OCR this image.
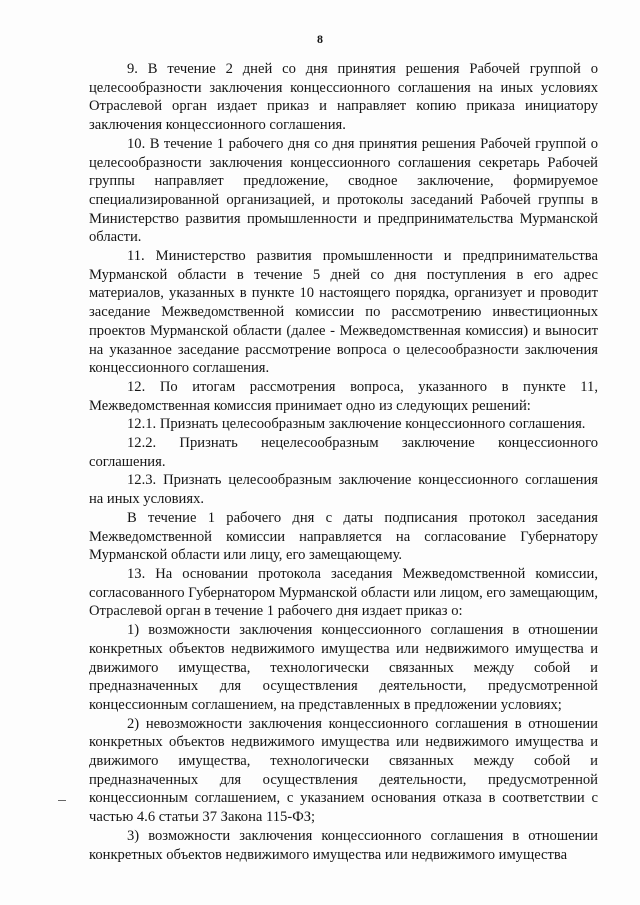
8

9. В течение 2 дней со дня принятия решения Рабочей группой о целесообразности заключения концессионного соглашения на иных условиях Отраслевой орган издает приказ и направляет копию приказа инициатору заключения концессионного соглашения.

10. В течение 1 рабочего дня со дня принятия решения Рабочей группой о целесообразности заключения концессионного соглашения секретарь Рабочей группы направляет предложение, сводное заключение, формируемое специализированной организацией, и протоколы заседаний Рабочей группы в Министерство развития промышленности и предпринимательства Мурманской области.

11. Министерство развития промышленности и предпринимательства Мурманской области в течение 5 дней со дня поступления в его адрес материалов, указанных в пункте 10 настоящего порядка, организует и проводит заседание Межведомственной комиссии по рассмотрению инвестиционных проектов Мурманской области (далее - Межведомственная комиссия) и выносит на указанное заседание рассмотрение вопроса о целесообразности заключения концессионного соглашения.

12. По итогам рассмотрения вопроса, указанного в пункте 11, Межведомственная комиссия принимает одно из следующих решений:

12.1. Признать целесообразным заключение концессионного соглашения.

12.2. Признать нецелесообразным заключение концессионного соглашения.

12.3. Признать целесообразным заключение концессионного соглашения на иных условиях.

В течение 1 рабочего дня с даты подписания протокол заседания Межведомственной комиссии направляется на согласование Губернатору Мурманской области или лицу, его замещающему.

13. На основании протокола заседания Межведомственной комиссии, согласованного Губернатором Мурманской области или лицом, его замещающим, Отраслевой орган в течение 1 рабочего дня издает приказ о:

1) возможности заключения концессионного соглашения в отношении конкретных объектов недвижимого имущества или недвижимого имущества и движимого имущества, технологически связанных между собой и предназначенных для осуществления деятельности, предусмотренной концессионным соглашением, на представленных в предложении условиях;

2) невозможности заключения концессионного соглашения в отношении конкретных объектов недвижимого имущества или недвижимого имущества и движимого имущества, технологически связанных между собой и предназначенных для осуществления деятельности, предусмотренной концессионным соглашением, с указанием основания отказа в соответствии с частью 4.6 статьи 37 Закона 115-ФЗ;

3) возможности заключения концессионного соглашения в отношении конкретных объектов недвижимого имущества или недвижимого имущества
